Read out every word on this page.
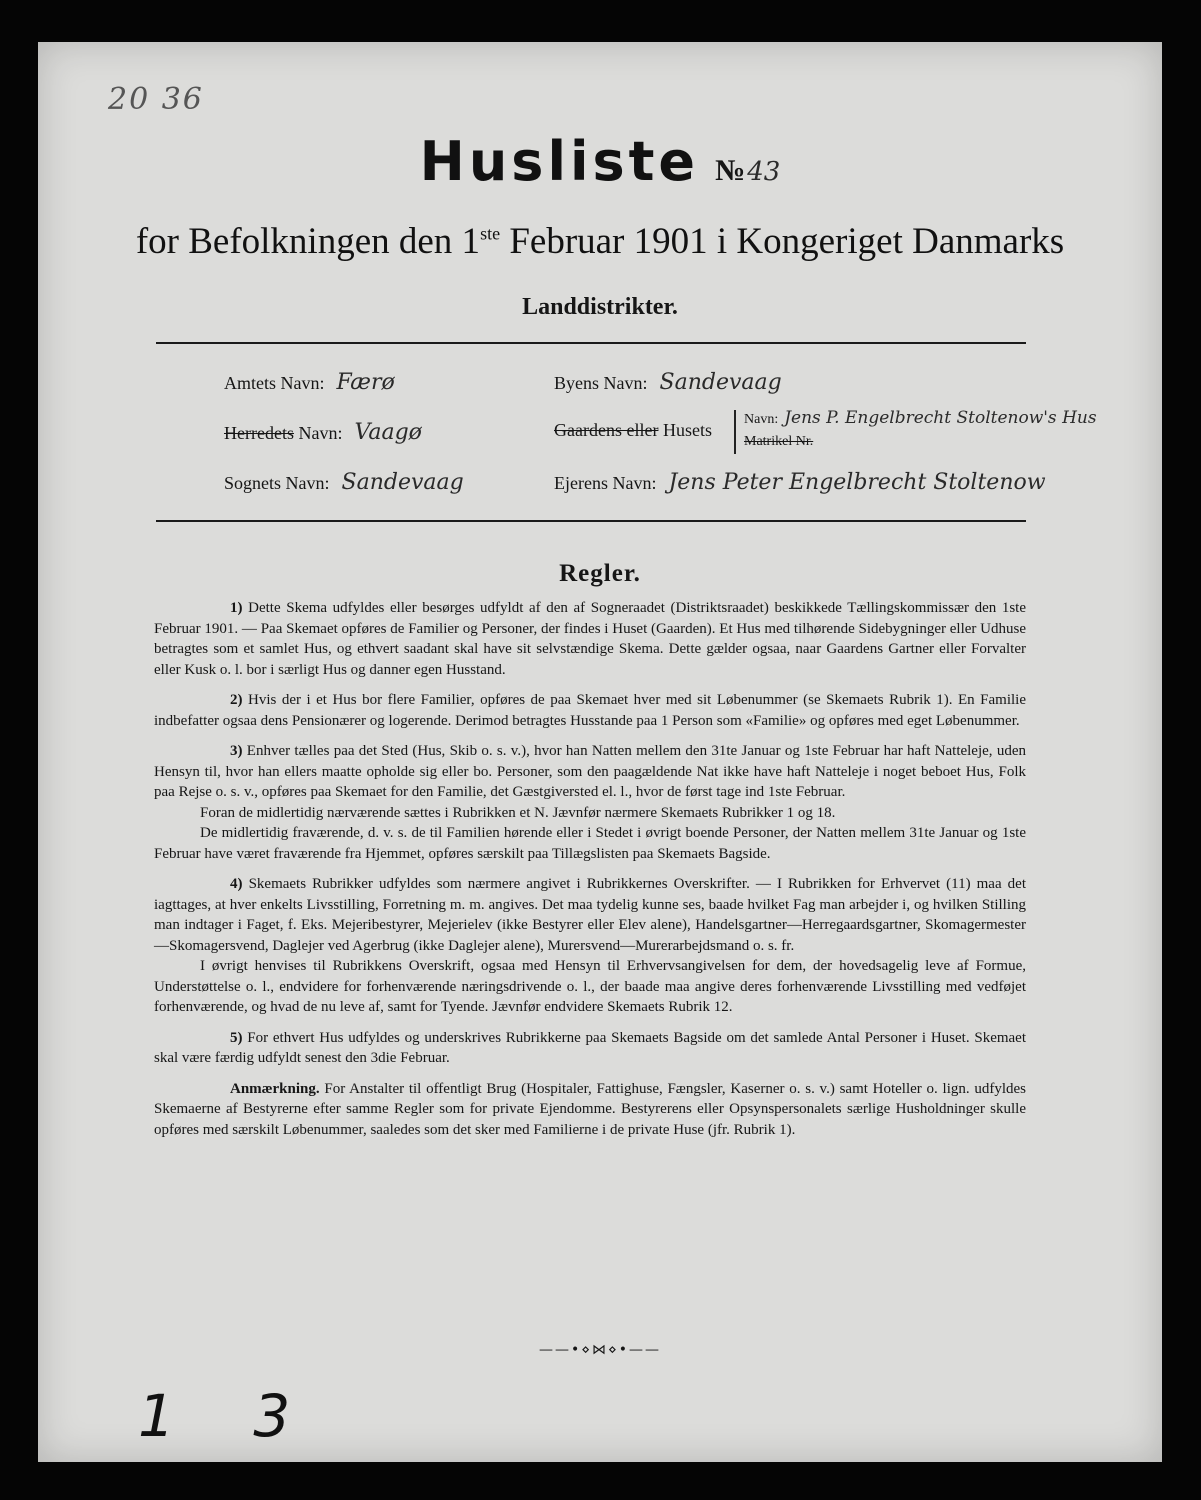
20 36
Husliste №43
for Befolkningen den 1ste Februar 1901 i Kongeriget Danmarks
Landdistrikter.
Amtets Navn: Færø
Herredets Navn: Vaagø
Sognets Navn: Sandevaag
Byens Navn: Sandevaag
Gaardens eller Husets
Navn: Jens P. Engelbrecht Stoltenow's Hus
Matrikel Nr.
Ejerens Navn: Jens Peter Engelbrecht Stoltenow
Regler.

1) Dette Skema udfyldes eller besørges udfyldt af den af Sogneraadet (Distriktsraadet) beskikkede Tællingskommissær den 1ste Februar 1901. — Paa Skemaet opføres de Familier og Personer, der findes i Huset (Gaarden). Et Hus med tilhørende Sidebygninger eller Udhuse betragtes som et samlet Hus, og ethvert saadant skal have sit selvstændige Skema. Dette gælder ogsaa, naar Gaardens Gartner eller Forvalter eller Kusk o. l. bor i særligt Hus og danner egen Husstand.

2) Hvis der i et Hus bor flere Familier, opføres de paa Skemaet hver med sit Løbenummer (se Skemaets Rubrik 1). En Familie indbefatter ogsaa dens Pensionærer og logerende. Derimod betragtes Husstande paa 1 Person som «Familie» og opføres med eget Løbenummer.

3) Enhver tælles paa det Sted (Hus, Skib o. s. v.), hvor han Natten mellem den 31te Januar og 1ste Februar har haft Natteleje, uden Hensyn til, hvor han ellers maatte opholde sig eller bo. Personer, som den paagældende Nat ikke have haft Natteleje i noget beboet Hus, Folk paa Rejse o. s. v., opføres paa Skemaet for den Familie, det Gæstgiversted el. l., hvor de først tage ind 1ste Februar.

Foran de midlertidig nærværende sættes i Rubrikken et N. Jævnfør nærmere Skemaets Rubrikker 1 og 18.

De midlertidig fraværende, d. v. s. de til Familien hørende eller i Stedet i øvrigt boende Personer, der Natten mellem 31te Januar og 1ste Februar have været fraværende fra Hjemmet, opføres særskilt paa Tillægslisten paa Skemaets Bagside.

4) Skemaets Rubrikker udfyldes som nærmere angivet i Rubrikkernes Overskrifter. — I Rubrikken for Erhvervet (11) maa det iagttages, at hver enkelts Livsstilling, Forretning m. m. angives. Det maa tydelig kunne ses, baade hvilket Fag man arbejder i, og hvilken Stilling man indtager i Faget, f. Eks. Mejeribestyrer, Mejerielev (ikke Bestyrer eller Elev alene), Handelsgartner—Herregaardsgartner, Skomagermester—Skomagersvend, Daglejer ved Agerbrug (ikke Daglejer alene), Murersvend—Murerarbejdsmand o. s. fr.

I øvrigt henvises til Rubrikkens Overskrift, ogsaa med Hensyn til Erhvervsangivelsen for dem, der hovedsagelig leve af Formue, Understøttelse o. l., endvidere for forhenværende næringsdrivende o. l., der baade maa angive deres forhenværende Livsstilling med vedføjet forhenværende, og hvad de nu leve af, samt for Tyende. Jævnfør endvidere Skemaets Rubrik 12.

5) For ethvert Hus udfyldes og underskrives Rubrikkerne paa Skemaets Bagside om det samlede Antal Personer i Huset. Skemaet skal være færdig udfyldt senest den 3die Februar.

Anmærkning. For Anstalter til offentligt Brug (Hospitaler, Fattighuse, Fængsler, Kaserner o. s. v.) samt Hoteller o. lign. udfyldes Skemaerne af Bestyrerne efter samme Regler som for private Ejendomme. Bestyrerens eller Opsynspersonalets særlige Husholdninger skulle opføres med særskilt Løbenummer, saaledes som det sker med Familierne i de private Huse (jfr. Rubrik 1).

——•⋄⋈⋄•——
1 3
